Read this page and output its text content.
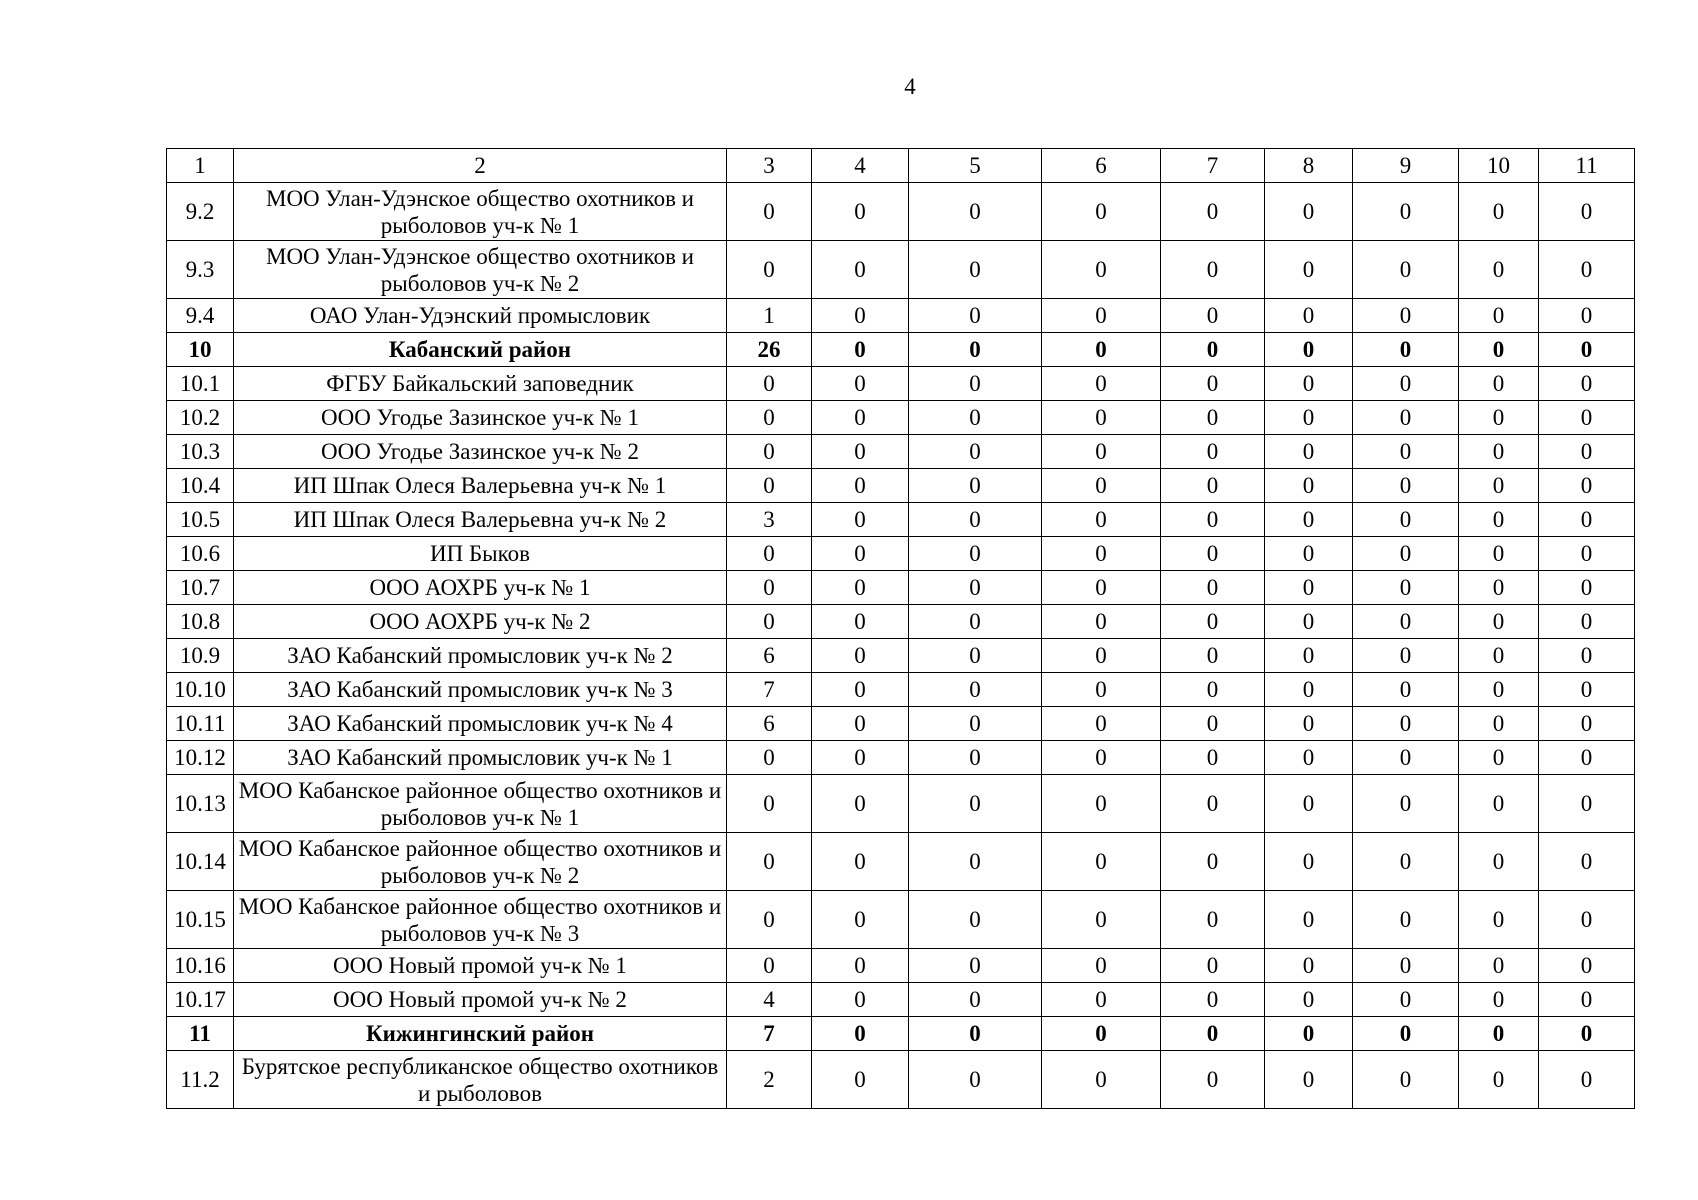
4
1	2	3	4	5	6	7	8	9	10	11
9.2	МОО Улан-Удэнское общество охотников и рыболовов уч-к № 1	0	0	0	0	0	0	0	0	0
9.3	МОО Улан-Удэнское общество охотников и рыболовов уч-к № 2	0	0	0	0	0	0	0	0	0
9.4	ОАО Улан-Удэнский промысловик	1	0	0	0	0	0	0	0	0
10	Кабанский район	26	0	0	0	0	0	0	0	0
10.1	ФГБУ Байкальский заповедник	0	0	0	0	0	0	0	0	0
10.2	ООО Угодье Зазинское уч-к № 1	0	0	0	0	0	0	0	0	0
10.3	ООО Угодье Зазинское уч-к № 2	0	0	0	0	0	0	0	0	0
10.4	ИП Шпак Олеся Валерьевна уч-к № 1	0	0	0	0	0	0	0	0	0
10.5	ИП Шпак Олеся Валерьевна уч-к № 2	3	0	0	0	0	0	0	0	0
10.6	ИП Быков	0	0	0	0	0	0	0	0	0
10.7	ООО АОХРБ уч-к № 1	0	0	0	0	0	0	0	0	0
10.8	ООО АОХРБ уч-к № 2	0	0	0	0	0	0	0	0	0
10.9	ЗАО Кабанский промысловик уч-к № 2	6	0	0	0	0	0	0	0	0
10.10	ЗАО Кабанский промысловик уч-к № 3	7	0	0	0	0	0	0	0	0
10.11	ЗАО Кабанский промысловик уч-к № 4	6	0	0	0	0	0	0	0	0
10.12	ЗАО Кабанский промысловик уч-к № 1	0	0	0	0	0	0	0	0	0
10.13	МОО Кабанское районное общество охотников и рыболовов уч-к № 1	0	0	0	0	0	0	0	0	0
10.14	МОО Кабанское районное общество охотников и рыболовов уч-к № 2	0	0	0	0	0	0	0	0	0
10.15	МОО Кабанское районное общество охотников и рыболовов уч-к № 3	0	0	0	0	0	0	0	0	0
10.16	ООО Новый промой уч-к № 1	0	0	0	0	0	0	0	0	0
10.17	ООО Новый промой уч-к № 2	4	0	0	0	0	0	0	0	0
11	Кижингинский район	7	0	0	0	0	0	0	0	0
11.2	Бурятское республиканское общество охотников и рыболовов	2	0	0	0	0	0	0	0	0
